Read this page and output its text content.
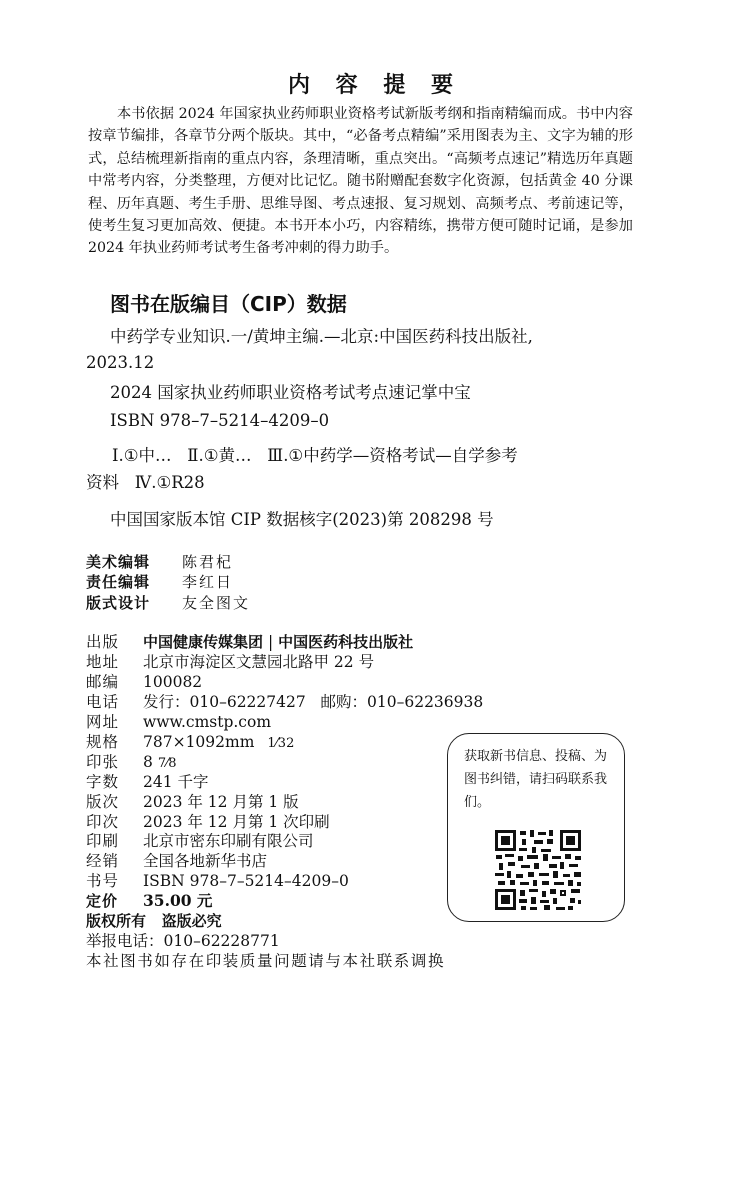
内 容 提 要

本书依据 2024 年国家执业药师职业资格考试新版考纲和指南精编而成。书中内容按章节编排，各章节分两个版块。其中，“必备考点精编”采用图表为主、文字为辅的形式，总结梳理新指南的重点内容，条理清晰，重点突出。“高频考点速记”精选历年真题中常考内容，分类整理，方便对比记忆。随书附赠配套数字化资源，包括黄金 40 分课程、历年真题、考生手册、思维导图、考点速报、复习规划、高频考点、考前速记等，使考生复习更加高效、便捷。本书开本小巧，内容精练，携带方便可随时记诵，是参加 2024 年执业药师考试考生备考冲刺的得力助手。

图书在版编目（CIP）数据
中药学专业知识.一/黄坤主编.—北京:中国医药科技出版社,
2023.12
2024 国家执业药师职业资格考试考点速记掌中宝
ISBN 978–7–5214–4209–0
Ⅰ.①中…   Ⅱ.①黄…   Ⅲ.①中药学—资格考试—自学参考
资料   Ⅳ.①R28
中国国家版本馆 CIP 数据核字(2023)第 208298 号
美术编辑 陈君杞
责任编辑 李红日
版式设计 友全图文
出版 中国健康传媒集团 | 中国医药科技出版社
地址 北京市海淀区文慧园北路甲 22 号
邮编 100082
电话 发行：010–62227427   邮购：010–62236938
网址 www.cmstp.com
规格 787×1092mm 1⁄32
印张 8 7⁄8
字数 241 千字
版次 2023 年 12 月第 1 版
印次 2023 年 12 月第 1 次印刷
印刷 北京市密东印刷有限公司
经销 全国各地新华书店
书号 ISBN 978–7–5214–4209–0
定价 35.00 元
版权所有   盗版必究
举报电话：010–62228771
本社图书如存在印装质量问题请与本社联系调换

获取新书信息、投稿、为图书纠错，请扫码联系我们。
